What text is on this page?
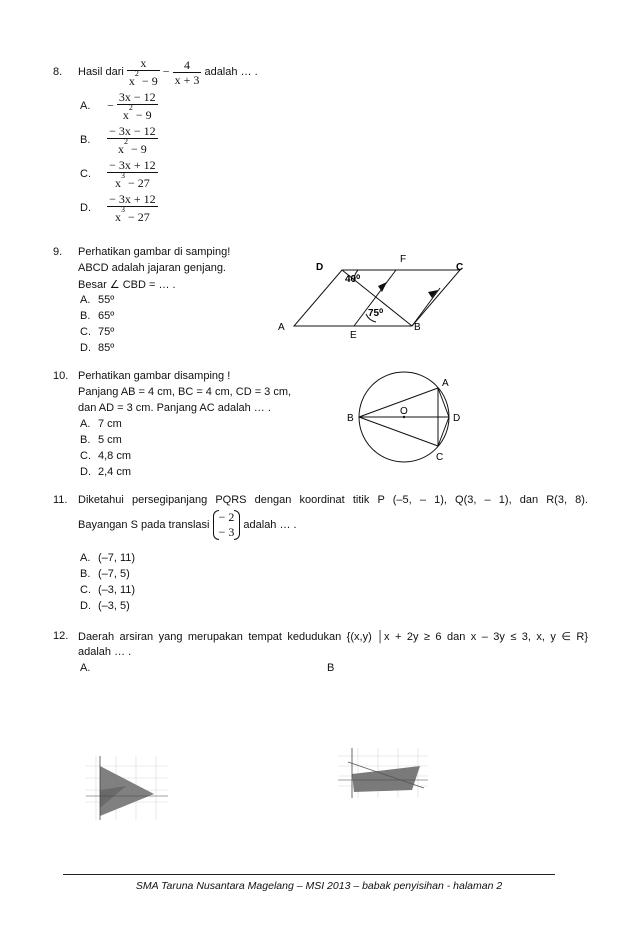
8. Hasil dari $\frac{x}{x^2 - 9} - \frac{4}{x + 3}$ adalah … .
A. − $\frac{3x - 12}{x^2 - 9}$
B. $\frac{- 3x - 12}{x^2 - 9}$
C. $\frac{- 3x + 12}{x^3 - 27}$
D. $\frac{- 3x + 12}{x^3 - 27}$
9. Perhatikan gambar di samping!
ABCD adalah jajaran genjang.
Besar ∠ CBD = … .
A. 55º
B. 65º
C. 75º
D. 85º
D
F
C
A
E
B
40⁰
75⁰
10. Perhatikan gambar disamping !
Panjang AB = 4 cm, BC = 4 cm, CD = 3 cm,
dan AD = 3 cm. Panjang AC adalah … .
A. 7 cm
B. 5 cm
C. 4,8 cm
D. 2,4 cm
A
B
C
D
O
11. Diketahui persegipanjang PQRS dengan koordinat titik P (–5, – 1), Q(3, – 1), dan R(3, 8).
Bayangan S pada translasi
− 2
− 3 adalah … .
A. (–7, 11)
B. (–7, 5)
C. (–3, 11)
D. (–3, 5)
12. Daerah arsiran yang merupakan tempat kedudukan {(x,y) │x + 2y ≥ 6 dan x – 3y ≤ 3, x, y ∈ R}
adalah … .
A.	B
SMA Taruna Nusantara Magelang – MSI 2013 – babak penyisihan - halaman 2
